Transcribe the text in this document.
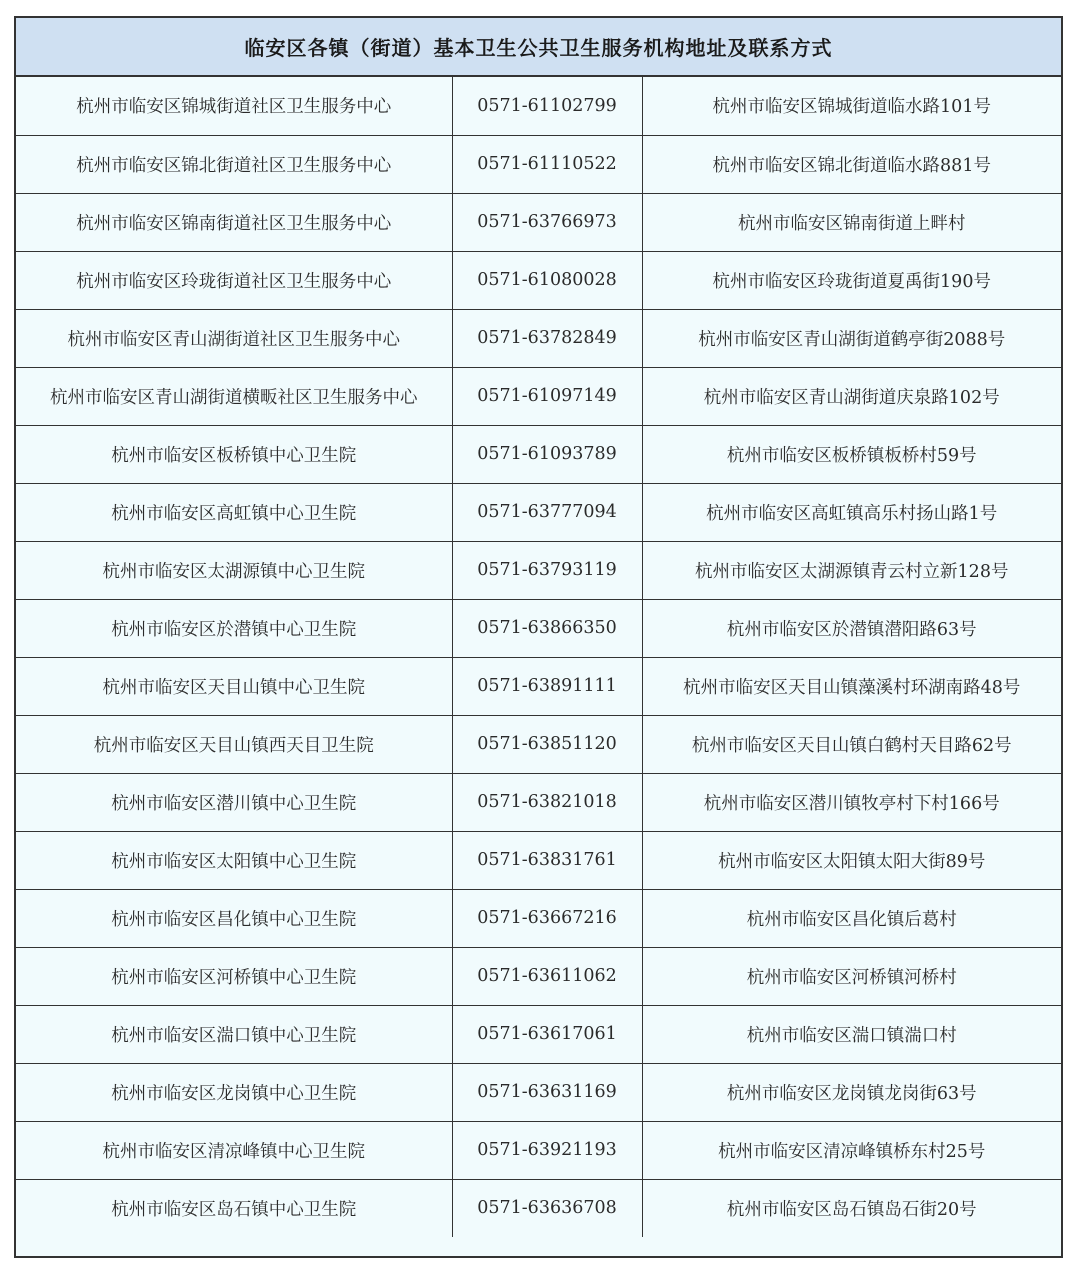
临安区各镇（街道）基本卫生公共卫生服务机构地址及联系方式
杭州市临安区锦城街道社区卫生服务中心	0571-61102799	杭州市临安区锦城街道临水路101号
杭州市临安区锦北街道社区卫生服务中心	0571-61110522	杭州市临安区锦北街道临水路881号
杭州市临安区锦南街道社区卫生服务中心	0571-63766973	杭州市临安区锦南街道上畔村
杭州市临安区玲珑街道社区卫生服务中心	0571-61080028	杭州市临安区玲珑街道夏禹街190号
杭州市临安区青山湖街道社区卫生服务中心	0571-63782849	杭州市临安区青山湖街道鹤亭街2088号
杭州市临安区青山湖街道横畈社区卫生服务中心	0571-61097149	杭州市临安区青山湖街道庆泉路102号
杭州市临安区板桥镇中心卫生院	0571-61093789	杭州市临安区板桥镇板桥村59号
杭州市临安区高虹镇中心卫生院	0571-63777094	杭州市临安区高虹镇高乐村扬山路1号
杭州市临安区太湖源镇中心卫生院	0571-63793119	杭州市临安区太湖源镇青云村立新128号
杭州市临安区於潜镇中心卫生院	0571-63866350	杭州市临安区於潜镇潜阳路63号
杭州市临安区天目山镇中心卫生院	0571-63891111	杭州市临安区天目山镇藻溪村环湖南路48号
杭州市临安区天目山镇西天目卫生院	0571-63851120	杭州市临安区天目山镇白鹤村天目路62号
杭州市临安区潜川镇中心卫生院	0571-63821018	杭州市临安区潜川镇牧亭村下村166号
杭州市临安区太阳镇中心卫生院	0571-63831761	杭州市临安区太阳镇太阳大街89号
杭州市临安区昌化镇中心卫生院	0571-63667216	杭州市临安区昌化镇后葛村
杭州市临安区河桥镇中心卫生院	0571-63611062	杭州市临安区河桥镇河桥村
杭州市临安区湍口镇中心卫生院	0571-63617061	杭州市临安区湍口镇湍口村
杭州市临安区龙岗镇中心卫生院	0571-63631169	杭州市临安区龙岗镇龙岗街63号
杭州市临安区清凉峰镇中心卫生院	0571-63921193	杭州市临安区清凉峰镇桥东村25号
杭州市临安区岛石镇中心卫生院	0571-63636708	杭州市临安区岛石镇岛石街20号
